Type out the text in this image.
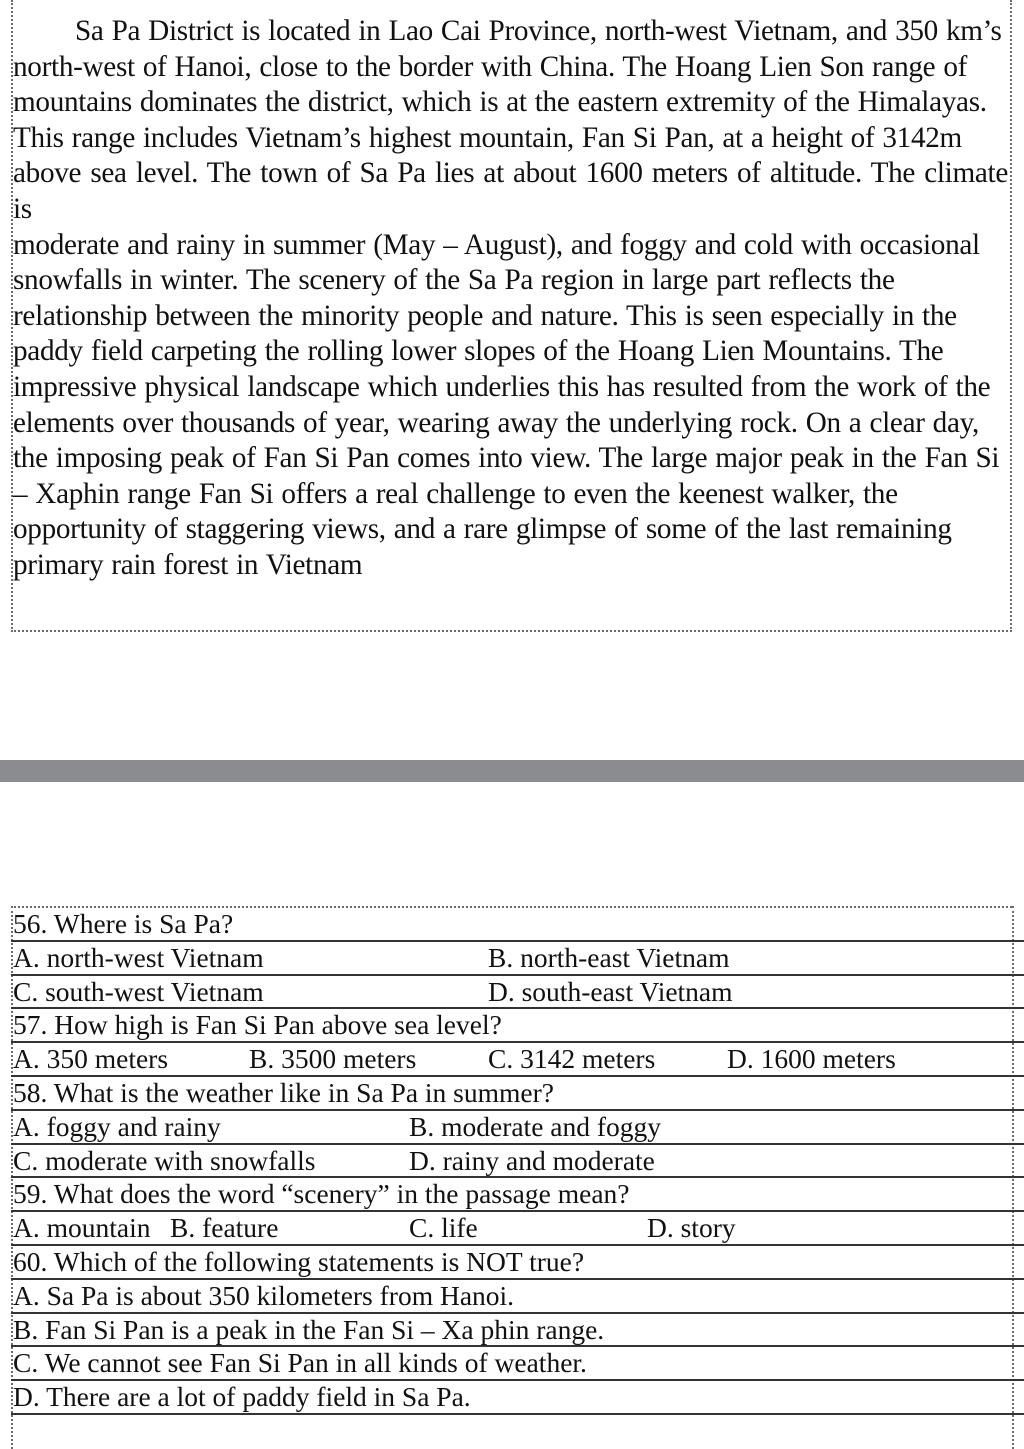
Sa Pa District is located in Lao Cai Province, north-west Vietnam, and 350 km’s
north-west of Hanoi, close to the border with China. The Hoang Lien Son range of
mountains dominates the district, which is at the eastern extremity of the Himalayas.
This range includes Vietnam’s highest mountain, Fan Si Pan, at a height of 3142m
above sea level. The town of Sa Pa lies at about 1600 meters of altitude. The climate is
moderate and rainy in summer (May – August), and foggy and cold with occasional
snowfalls in winter. The scenery of the Sa Pa region in large part reflects the
relationship between the minority people and nature. This is seen especially in the
paddy field carpeting the rolling lower slopes of the Hoang Lien Mountains. The
impressive physical landscape which underlies this has resulted from the work of the
elements over thousands of year, wearing away the underlying rock. On a clear day,
the imposing peak of Fan Si Pan comes into view. The large major peak in the Fan Si
– Xaphin range Fan Si offers a real challenge to even the keenest walker, the
opportunity of staggering views, and a rare glimpse of some of the last remaining
primary rain forest in Vietnam
56. Where is Sa Pa?
A. north-west Vietnam	B. north-east Vietnam
C. south-west Vietnam	D. south-east Vietnam
57. How high is Fan Si Pan above sea level?
A. 350 meters	B. 3500 meters	C. 3142 meters	D. 1600 meters
58. What is the weather like in Sa Pa in summer?
A. foggy and rainy	B. moderate and foggy
C. moderate with snowfalls	D. rainy and moderate
59. What does the word “scenery” in the passage mean?
A. mountain B. feature	C. life	D. story
60. Which of the following statements is NOT true?
A. Sa Pa is about 350 kilometers from Hanoi.
B. Fan Si Pan is a peak in the Fan Si – Xa phin range.
C. We cannot see Fan Si Pan in all kinds of weather.
D. There are a lot of paddy field in Sa Pa.
